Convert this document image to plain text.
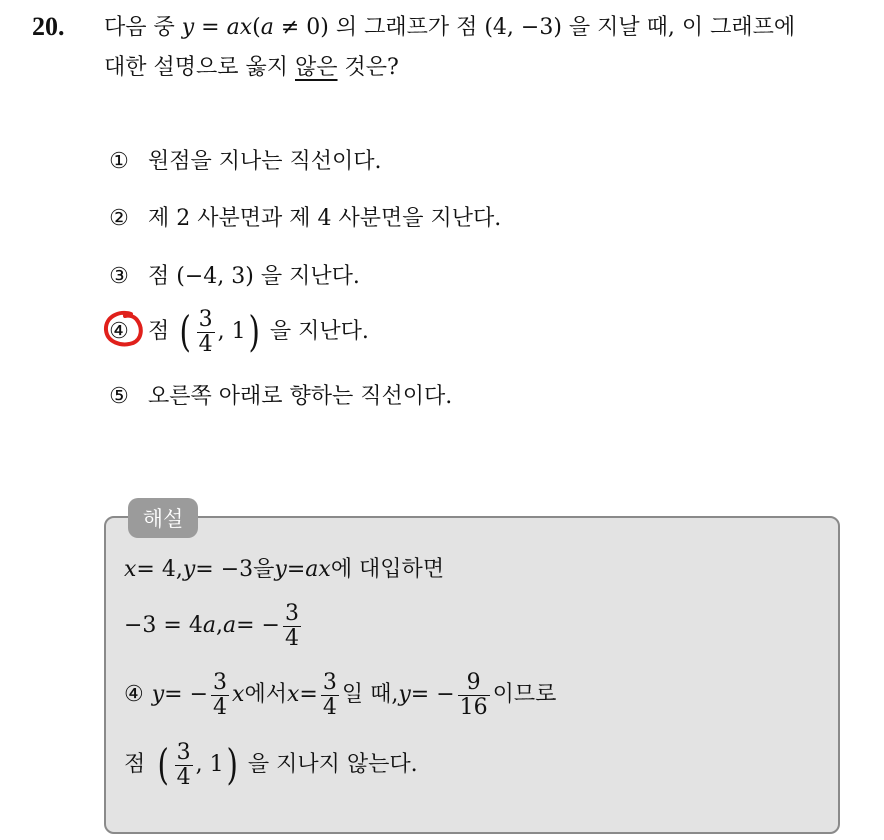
20. 다음 중 y = ax(a ≠ 0) 의 그래프가 점 (4, −3) 을 지날 때, 이 그래프에
대한 설명으로 옳지 않은 것은?
① 원점을 지나는 직선이다.
② 제 2 사분면과 제 4 사분면을 지난다.
③ 점 (−4, 3) 을 지난다.
④ 점 ( $\frac{3}{4}$ , 1 ) 을 지난다.
⑤ 오른쪽 아래로 향하는 직선이다.
해설
x = 4, y = −3 을 y = ax 에 대입하면
−3 = 4 a , a = − $\frac{3}{4}$
④ y = − $\frac{3}{4}$ x 에서 $x = \frac{3}{4}$ 일 때, y = − $\frac{9}{16}$ 이므로
점 ( $\frac{3}{4}$ , 1 ) 을 지나지 않는다.
